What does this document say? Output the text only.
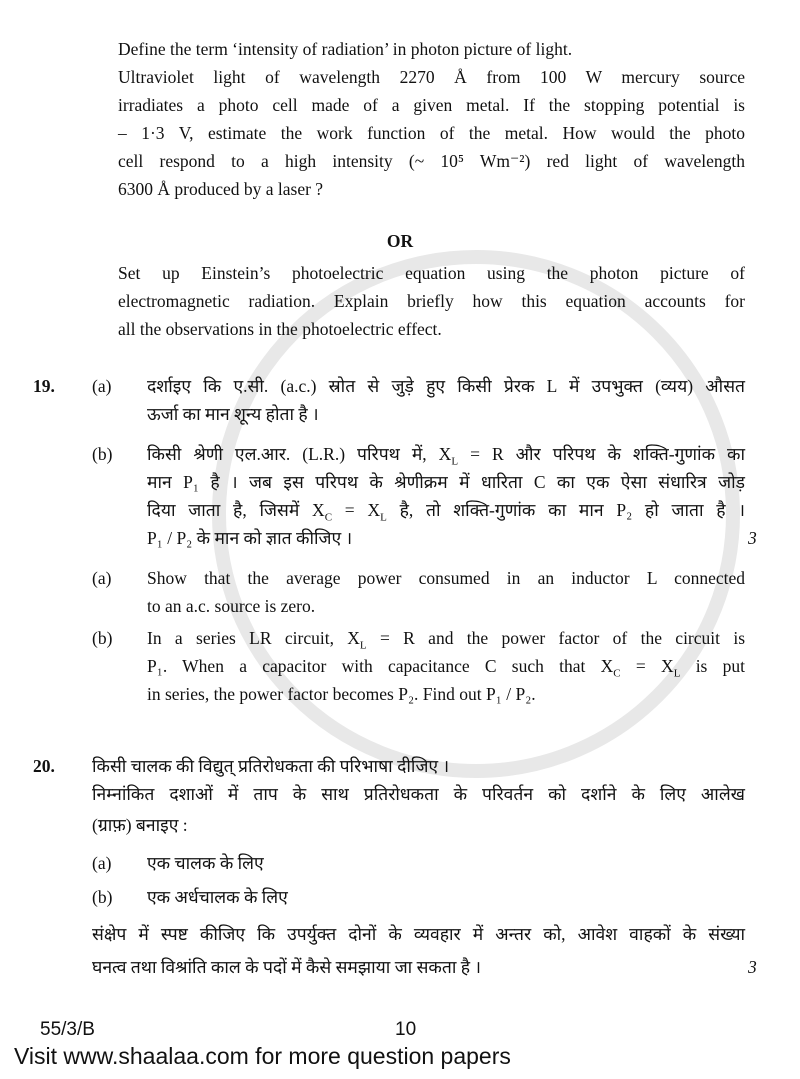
Define the term ‘intensity of radiation’ in photon picture of light.
Ultraviolet light of wavelength 2270 Å from 100 W mercury source
irradiates a photo cell made of a given metal. If the stopping potential is
– 1·3 V, estimate the work function of the metal. How would the photo
cell respond to a high intensity (~ 10⁵ Wm⁻²) red light of wavelength
6300 Å produced by a laser ?
OR
Set up Einstein’s photoelectric equation using the photon picture of
electromagnetic radiation. Explain briefly how this equation accounts for
all the observations in the photoelectric effect.
19.	(a)	दर्शाइए कि ए.सी. (a.c.) स्रोत से जुड़े हुए किसी प्रेरक L में उपभुक्त (व्यय) औसत
ऊर्जा का मान शून्य होता है ।
(b)	किसी श्रेणी एल.आर. (L.R.) परिपथ में, $X_L = R$ और परिपथ के शक्ति-गुणांक का
मान P₁ है । जब इस परिपथ के श्रेणीक्रम में धारिता C का एक ऐसा संधारित्र जोड़
दिया जाता है, जिसमें $X_C = X_L$ है, तो शक्ति-गुणांक का मान P₂ हो जाता है ।
P₁ / P₂ के मान को ज्ञात कीजिए ।	3
(a)	Show that the average power consumed in an inductor L connected
to an a.c. source is zero.
(b)	In a series LR circuit, $X_L = R$ and the power factor of the circuit is
P₁. When a capacitor with capacitance C such that $X_C = X_L$ is put
in series, the power factor becomes P₂. Find out P₁ / P₂.
20.	किसी चालक की विद्युत् प्रतिरोधकता की परिभाषा दीजिए ।
निम्नांकित दशाओं में ताप के साथ प्रतिरोधकता के परिवर्तन को दर्शाने के लिए आलेख
(ग्राफ़) बनाइए :
(a)	एक चालक के लिए
(b)	एक अर्धचालक के लिए
संक्षेप में स्पष्ट कीजिए कि उपर्युक्त दोनों के व्यवहार में अन्तर को, आवेश वाहकों के संख्या
घनत्व तथा विश्रांति काल के पदों में कैसे समझाया जा सकता है ।	3
55/3/B	10
Visit www.shaalaa.com for more question papers
